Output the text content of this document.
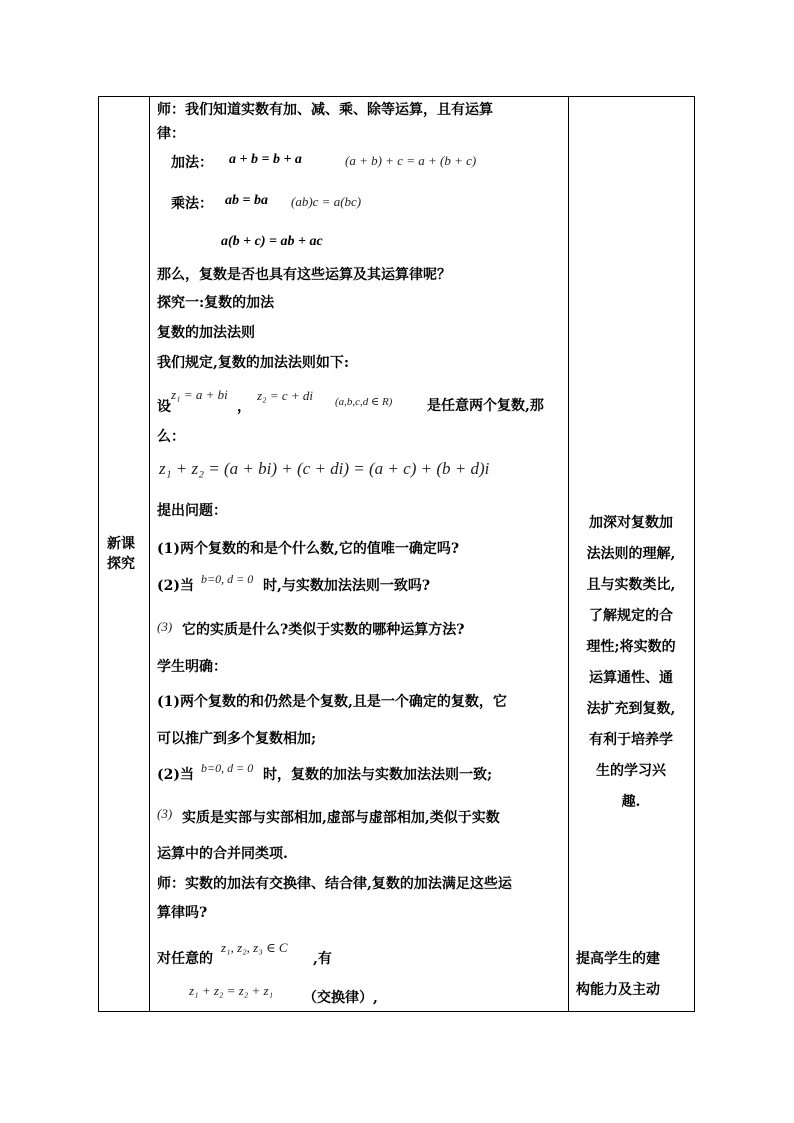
新课
探究
师：我们知道实数有加、减、乘、除等运算，且有运算
律：
加法： a + b = b + a	(a + b) + c = a + (b + c)
乘法： ab = ba (ab)c = a(bc)
a(b + c) = ab + ac
那么，复数是否也具有这些运算及其运算律呢？
探究一:复数的加法
复数的加法法则
我们规定,复数的加法法则如下:
设
z₁ = a + bi
，
z₂ = c + di (a,b,c,d ∈ R) 是任意两个复数,那
么：
z₁ + z₂ = (a + bi) + (c + di) = (a + c) + (b + d)i
提出问题：
(1)两个复数的和是个什么数,它的值唯一确定吗?
(2)当 b=0, d = 0 时,与实数加法法则一致吗?
(3) 它的实质是什么?类似于实数的哪种运算方法?
学生明确：
(1)两个复数的和仍然是个复数,且是一个确定的复数，它
可以推广到多个复数相加;
(2)当 b=0, d = 0 时，复数的加法与实数加法法则一致;
(3) 实质是实部与实部相加,虚部与虚部相加,类似于实数
运算中的合并同类项.
师：实数的加法有交换律、结合律,复数的加法满足这些运
算律吗?
对任意的
z₁, z₂, z₃ ∈ C
,有
z₁ + z₂ = z₂ + z₁ （交换律）,
加深对复数加
法法则的理解,
且与实数类比,
了解规定的合
理性;将实数的
运算通性、通
法扩充到复数,
有利于培养学
生的学习兴
趣.
提高学生的建
构能力及主动
